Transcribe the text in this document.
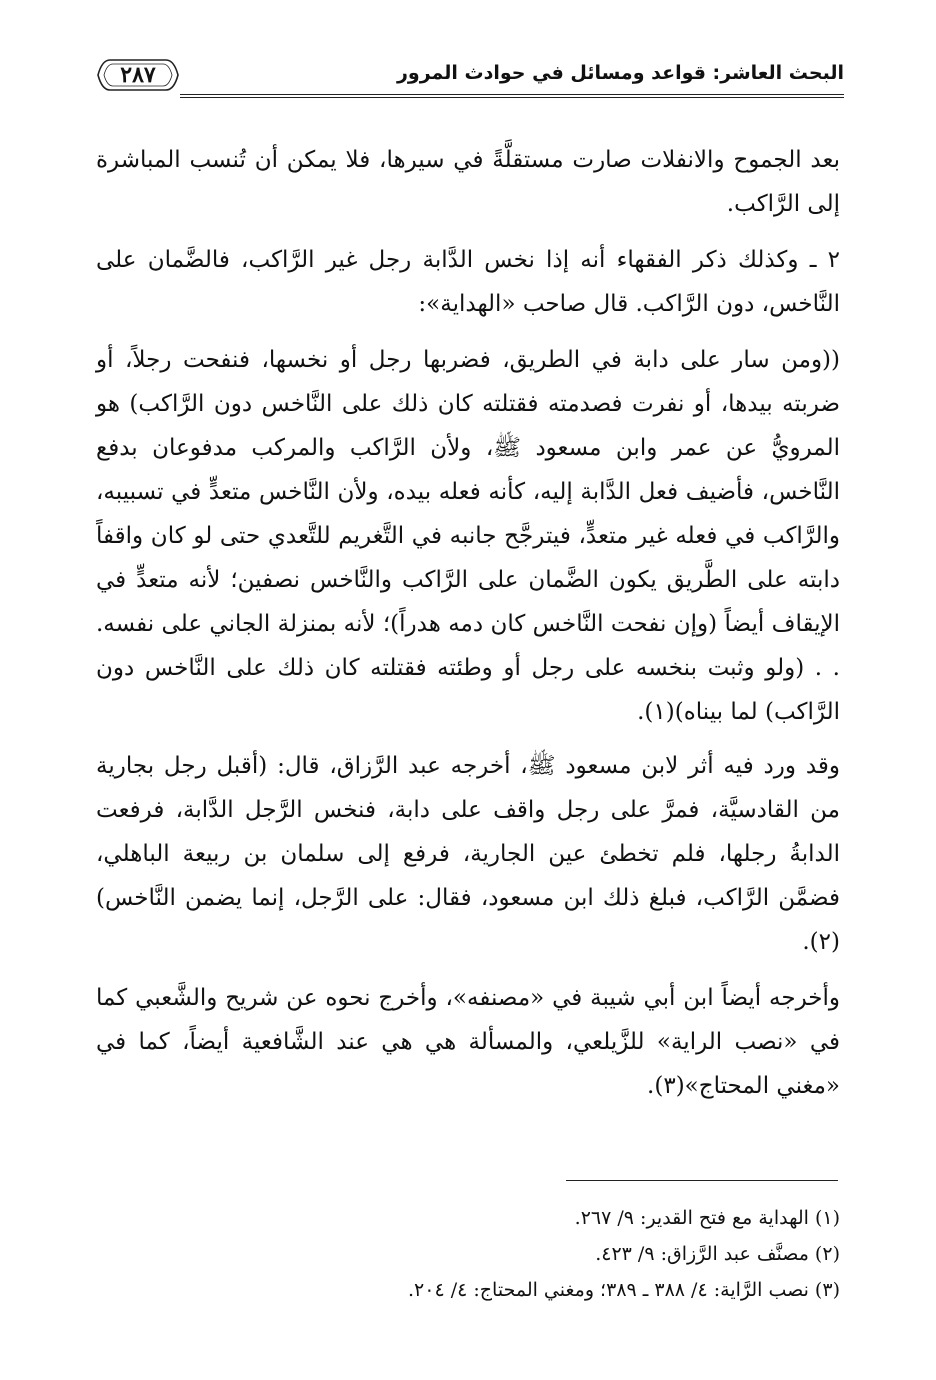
البحث العاشر: قواعد ومسائل في حوادث المرور
٢٨٧

بعد الجموح والانفلات صارت مستقلَّةً في سيرها، فلا يمكن أن تُنسب المباشرة إلى الرَّاكب.

٢ ـ وكذلك ذكر الفقهاء أنه إذا نخس الدَّابة رجل غير الرَّاكب، فالضَّمان على النَّاخس، دون الرَّاكب. قال صاحب «الهداية»:

((ومن سار على دابة في الطريق، فضربها رجل أو نخسها، فنفحت رجلاً، أو ضربته بيدها، أو نفرت فصدمته فقتلته كان ذلك على النَّاخس دون الرَّاكب) هو المرويُّ عن عمر وابن مسعود ﷺ، ولأن الرَّاكب والمركب مدفوعان بدفع النَّاخس، فأضيف فعل الدَّابة إليه، كأنه فعله بيده، ولأن النَّاخس متعدٍّ في تسبيبه، والرَّاكب في فعله غير متعدٍّ، فيترجَّح جانبه في التَّغريم للتَّعدي حتى لو كان واقفاً دابته على الطَّريق يكون الضَّمان على الرَّاكب والنَّاخس نصفين؛ لأنه متعدٍّ في الإيقاف أيضاً (وإن نفحت النَّاخس كان دمه هدراً)؛ لأنه بمنزلة الجاني على نفسه. . . (ولو وثبت بنخسه على رجل أو وطئته فقتلته كان ذلك على النَّاخس دون الرَّاكب) لما بيناه)(١).

وقد ورد فيه أثر لابن مسعود ﷺ، أخرجه عبد الرَّزاق، قال: (أقبل رجل بجارية من القادسيَّة، فمرَّ على رجل واقف على دابة، فنخس الرَّجل الدَّابة، فرفعت الدابةُ رجلها، فلم تخطئ عين الجارية، فرفع إلى سلمان بن ربيعة الباهلي، فضمَّن الرَّاكب، فبلغ ذلك ابن مسعود، فقال: على الرَّجل، إنما يضمن النَّاخس)(٢).

وأخرجه أيضاً ابن أبي شيبة في «مصنفه»، وأخرج نحوه عن شريح والشَّعبي كما في «نصب الراية» للزَّيلعي، والمسألة هي هي عند الشَّافعية أيضاً، كما في «مغني المحتاج»(٣).

(١) الهداية مع فتح القدير: ٩/ ٢٦٧.

(٢) مصنَّف عبد الرَّزاق: ٩/ ٤٢٣.

(٣) نصب الرَّاية: ٤/ ٣٨٨ ـ ٣٨٩؛ ومغني المحتاج: ٤/ ٢٠٤.
